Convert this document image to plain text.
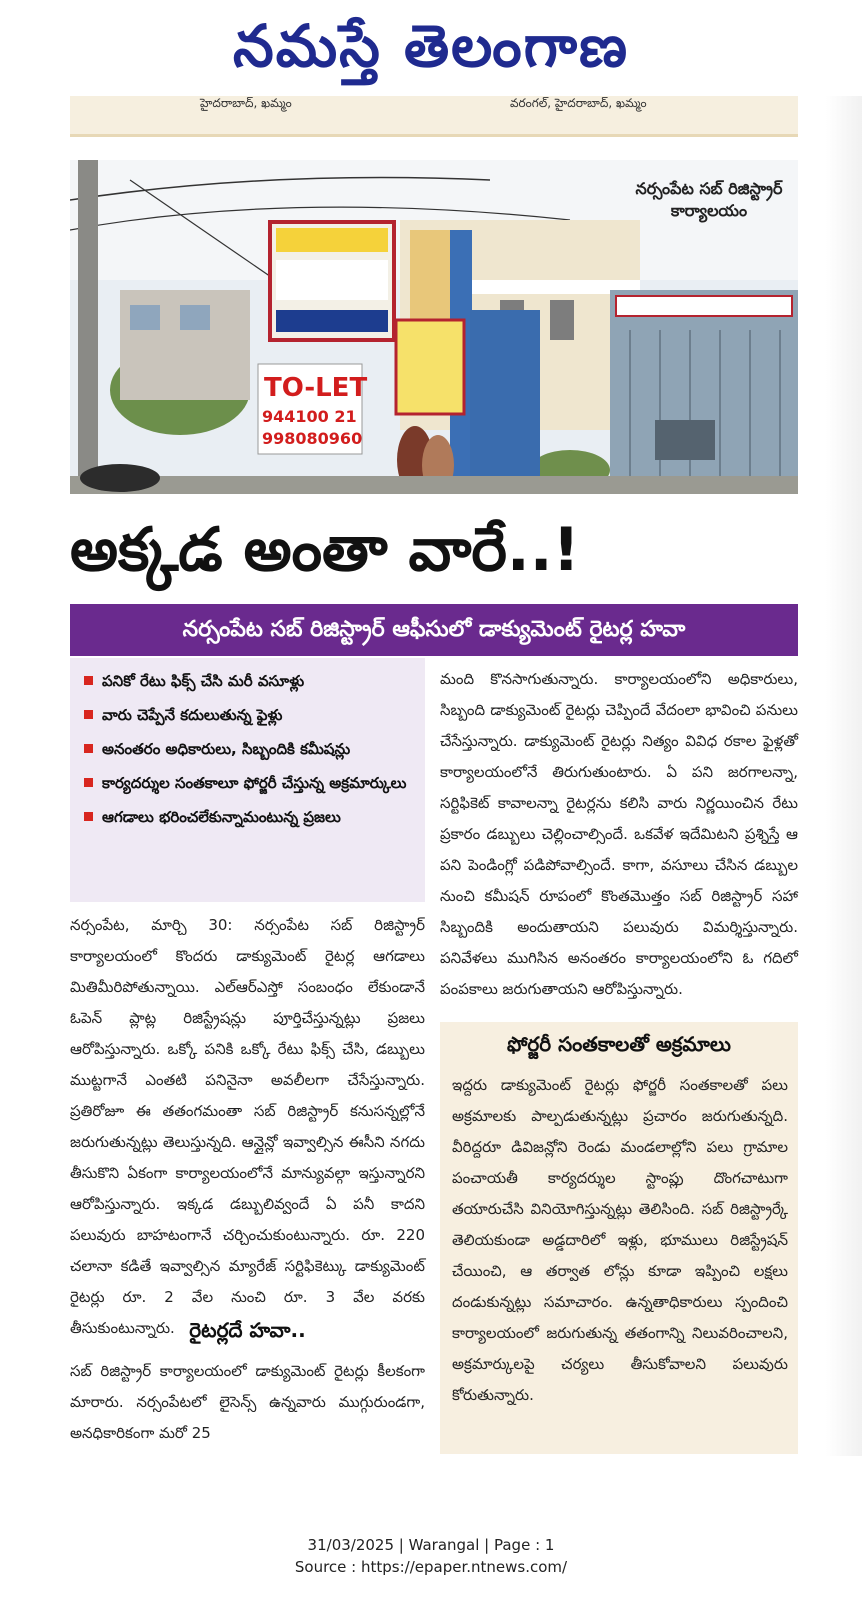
నమస్తే తెలంగాణ
హైదరాబాద్, ఖమ్మం	వరంగల్, హైదరాబాద్, ఖమ్మం
TO-LET
944100 21
998080960
నర్సంపేట సబ్ రిజిస్ట్రార్ కార్యాలయం
అక్కడ అంతా వారే..!
నర్సంపేట సబ్ రిజిస్ట్రార్ ఆఫీసులో డాక్యుమెంట్ రైటర్ల హవా
పనికో రేటు ఫిక్స్ చేసి మరీ వసూళ్లు
వారు చెప్పేనే కదులుతున్న ఫైళ్లు
అనంతరం అధికారులు, సిబ్బందికి కమీషన్లు
కార్యదర్శుల సంతకాలూ ఫోర్జరీ చేస్తున్న అక్రమార్కులు
ఆగడాలు భరించలేకున్నామంటున్న ప్రజలు

నర్సంపేట, మార్చి 30: నర్సంపేట సబ్ రిజిస్ట్రార్ కార్యాలయంలో కొందరు డాక్యుమెంట్ రైటర్ల ఆగడాలు మితిమీరిపోతున్నాయి. ఎల్ఆర్ఎస్తో సంబంధం లేకుండానే ఓపెన్ ప్లాట్ల రిజిస్ట్రేషన్లు పూర్తిచేస్తున్నట్లు ప్రజలు ఆరోపిస్తున్నారు. ఒక్కో పనికి ఒక్కో రేటు ఫిక్స్ చేసి, డబ్బులు ముట్టగానే ఎంతటి పనినైనా అవలీలగా చేసేస్తున్నారు. ప్రతిరోజూ ఈ తతంగమంతా సబ్ రిజిస్ట్రార్ కనుసన్నల్లోనే జరుగుతున్నట్లు తెలుస్తున్నది. ఆన్లైన్లో ఇవ్వాల్సిన ఈసీని నగదు తీసుకొని ఏకంగా కార్యాలయంలోనే మాన్యువల్గా ఇస్తున్నారని ఆరోపిస్తున్నారు. ఇక్కడ డబ్బులివ్వందే ఏ పనీ కాదని పలువురు బాహటంగానే చర్చించుకుంటున్నారు. రూ. 220 చలానా కడితే ఇవ్వాల్సిన మ్యారేజ్ సర్టిఫికెట్కు డాక్యుమెంట్ రైటర్లు రూ. 2 వేల నుంచి రూ. 3 వేల వరకు తీసుకుంటున్నారు. రైటర్లదే హవా..

సబ్ రిజిస్ట్రార్ కార్యాలయంలో డాక్యుమెంట్ రైటర్లు కీలకంగా మారారు. నర్సంపేటలో లైసెన్స్ ఉన్నవారు ముగ్గురుండగా, అనధికారికంగా మరో 25

మంది కొనసాగుతున్నారు. కార్యాలయంలోని అధికారులు, సిబ్బంది డాక్యుమెంట్ రైటర్లు చెప్పిందే వేదంలా భావించి పనులు చేసేస్తున్నారు. డాక్యుమెంట్ రైటర్లు నిత్యం వివిధ రకాల ఫైళ్లతో కార్యాలయంలోనే తిరుగుతుంటారు. ఏ పని జరగాలన్నా, సర్టిఫికెట్ కావాలన్నా రైటర్లను కలిసి వారు నిర్ణయించిన రేటు ప్రకారం డబ్బులు చెల్లించాల్సిందే. ఒకవేళ ఇదేమిటని ప్రశ్నిస్తే ఆ పని పెండింగ్లో పడిపోవాల్సిందే. కాగా, వసూలు చేసిన డబ్బుల నుంచి కమీషన్ రూపంలో కొంతమొత్తం సబ్ రిజిస్ట్రార్ సహా సిబ్బందికి అందుతాయని పలువురు విమర్శిస్తున్నారు. పనివేళలు ముగిసిన అనంతరం కార్యాలయంలోని ఓ గదిలో పంపకాలు జరుగుతాయని ఆరోపిస్తున్నారు.

ఫోర్జరీ సంతకాలతో అక్రమాలు

ఇద్దరు డాక్యుమెంట్ రైటర్లు ఫోర్జరీ సంతకాలతో పలు అక్రమాలకు పాల్పడుతున్నట్లు ప్రచారం జరుగుతున్నది. వీరిద్దరూ డివిజన్లోని రెండు మండలాల్లోని పలు గ్రామాల పంచాయతీ కార్యదర్శుల స్టాంప్లు దొంగచాటుగా తయారుచేసి వినియోగిస్తున్నట్లు తెలిసింది. సబ్ రిజిస్ట్రార్కే తెలియకుండా అడ్డదారిలో ఇళ్లు, భూములు రిజిస్ట్రేషన్ చేయించి, ఆ తర్వాత లోన్లు కూడా ఇప్పించి లక్షలు దండుకున్నట్లు సమాచారం. ఉన్నతాధికారులు స్పందించి కార్యాలయంలో జరుగుతున్న తతంగాన్ని నిలువరించాలని, అక్రమార్కులపై చర్యలు తీసుకోవాలని పలువురు కోరుతున్నారు.

31/03/2025 | Warangal | Page : 1
Source : https://epaper.ntnews.com/
